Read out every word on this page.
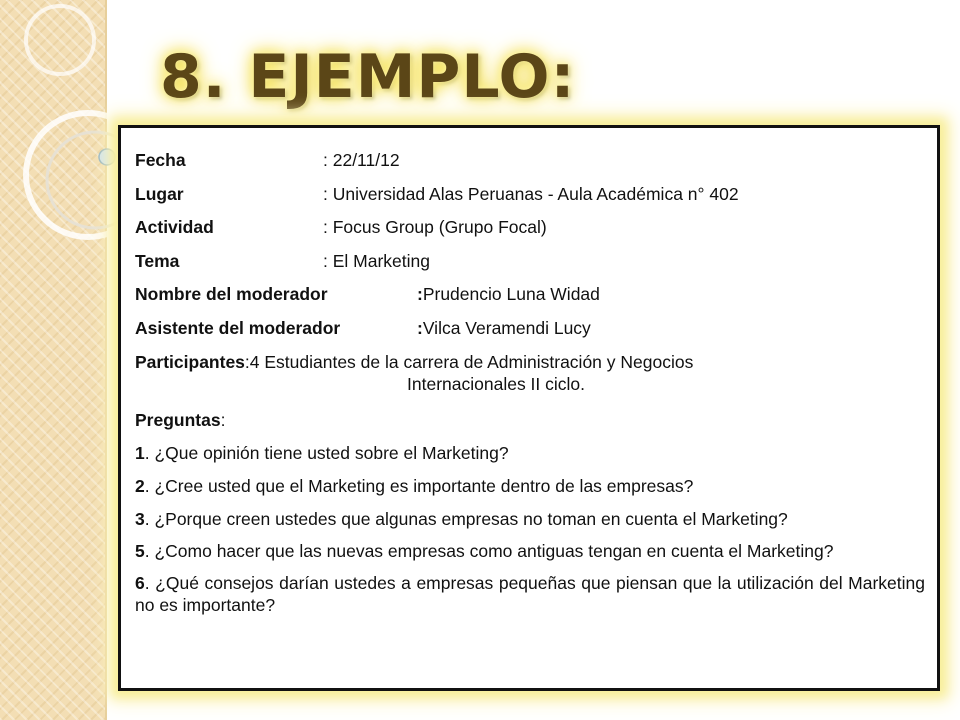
8. EJEMPLO:
Fecha	: 22/11/12
Lugar	: Universidad Alas Peruanas - Aula Académica n° 402
Actividad	: Focus Group (Grupo Focal)
Tema	: El Marketing
Nombre del moderador	: Prudencio Luna Widad
Asistente del moderador	: Vilca Veramendi Lucy
Participantes:4 Estudiantes de la carrera de Administración y Negocios
Internacionales II ciclo.
Preguntas:
1. ¿Que opinión tiene usted sobre el Marketing?
2. ¿Cree usted que el Marketing es importante dentro de las empresas?
3. ¿Porque creen ustedes que algunas empresas no toman en cuenta el Marketing?
5. ¿Como hacer que las nuevas empresas como antiguas tengan en cuenta el Marketing?
6. ¿Qué consejos darían ustedes a empresas pequeñas que piensan que la utilización del Marketing no es importante?
